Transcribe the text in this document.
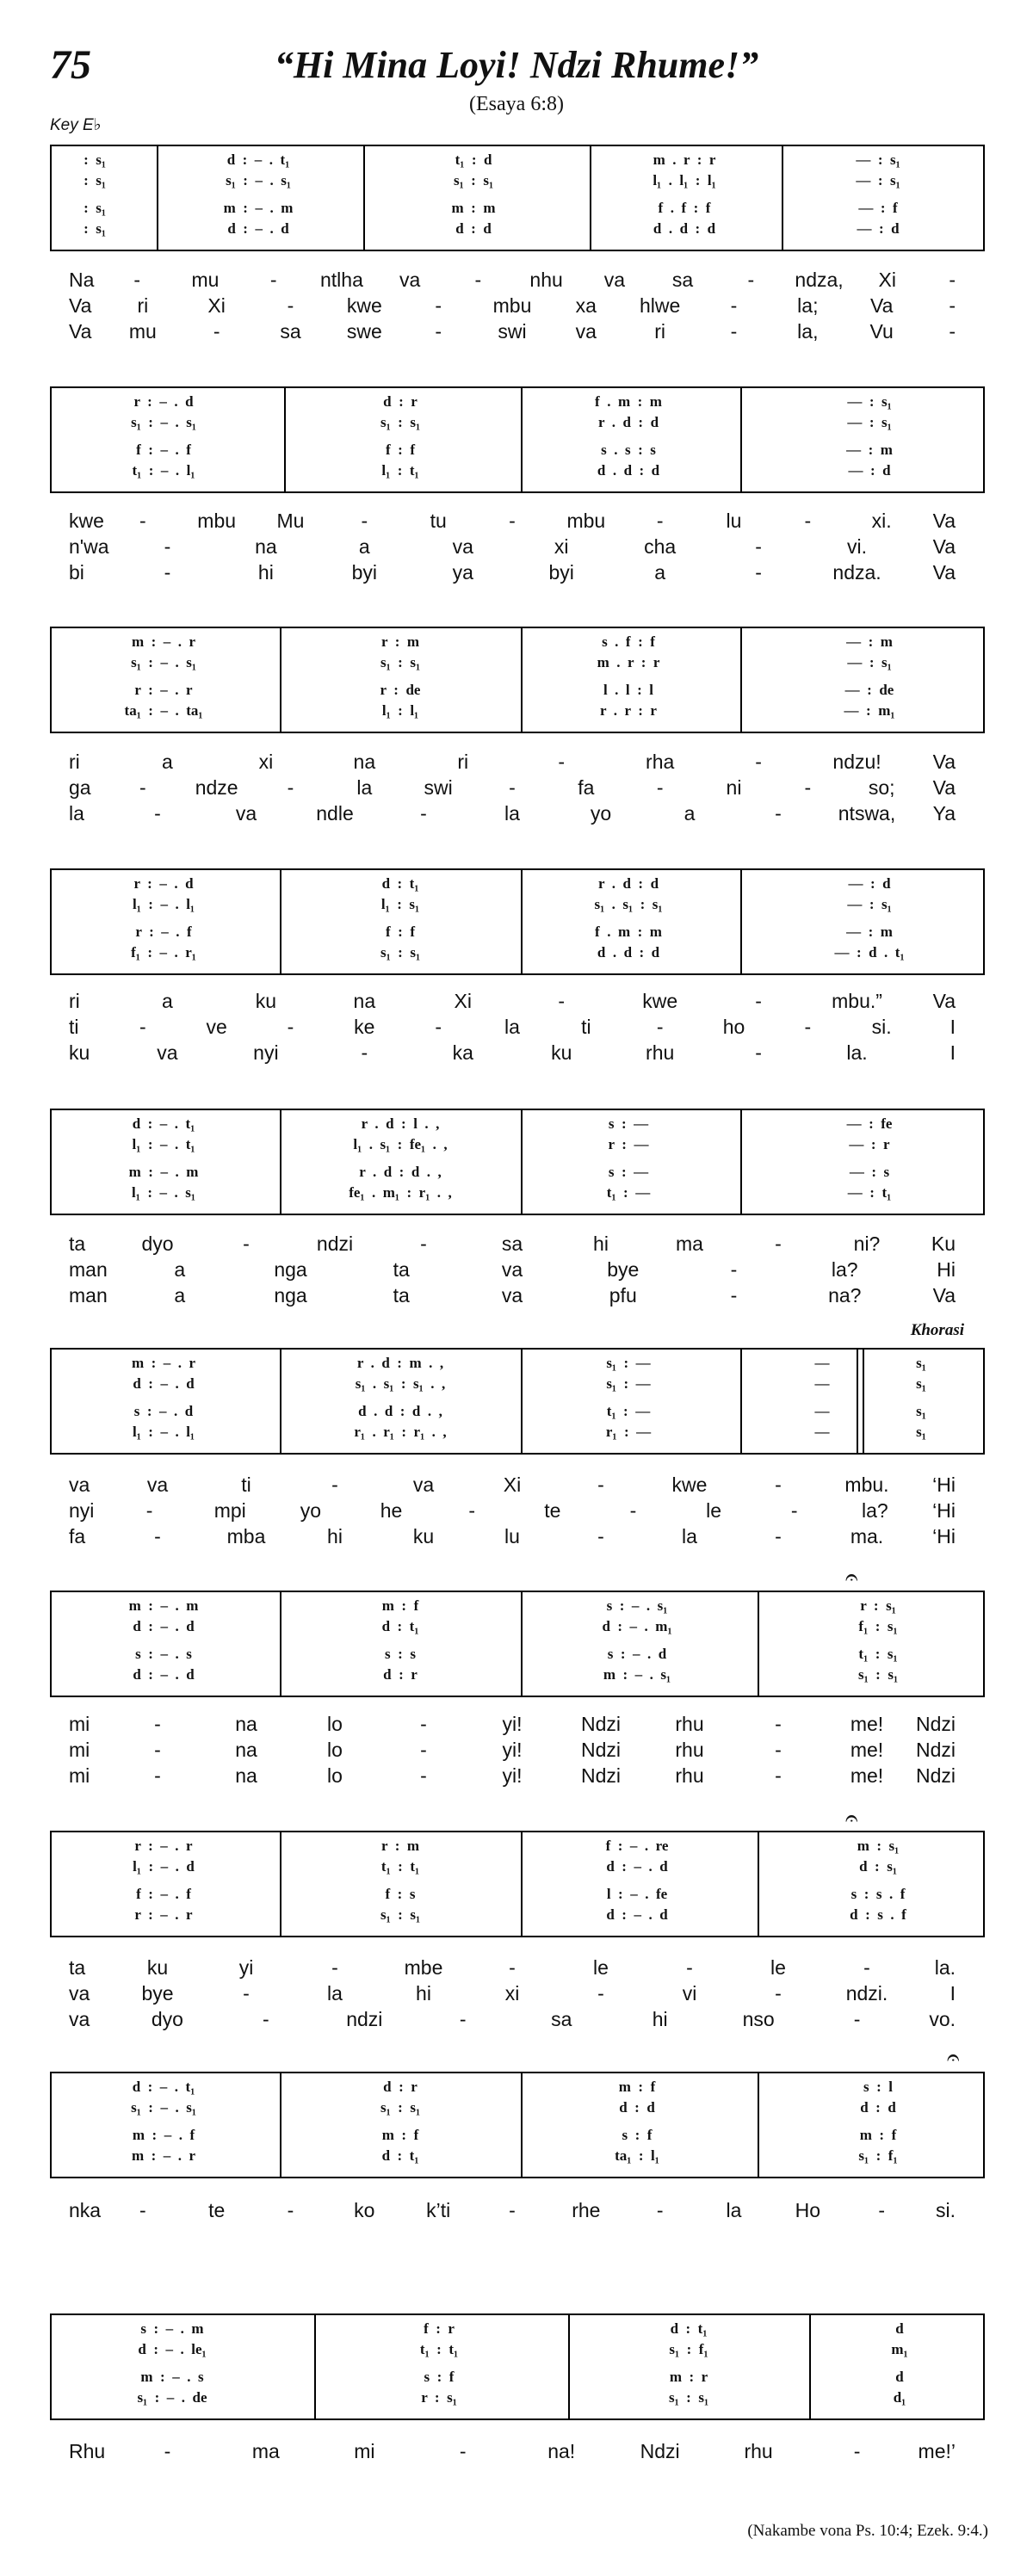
75	“Hi Mina Loyi! Ndzi Rhume!”
(Esaya 6:8)
Key E♭
:  s₁	d  :  –  .  t₁	t₁  :  d	m  .  r  :  r	—  :  s₁
:  s₁	s₁  :  –  .  s₁	s₁  :  s₁	l₁  .  l₁  :  l₁	—  :  s₁
:  s₁	m  :  –  .  m	m  :  m	f  .  f  :  f	—  :  f
:  s₁	d  :  –  .  d	d  :  d	d  .  d  :  d	—  :  d
r  :  –  .  d	d  :  r	f  .  m  :  m	—  :  s₁
s₁  :  –  .  s₁	s₁  :  s₁	r  .  d  :  d	—  :  s₁
f  :  –  .  f	f  :  f	s  .  s  :  s	—  :  m
t₁  :  –  .  l₁	l₁  :  t₁	d  .  d  :  d	—  :  d
m  :  –  .  r	r  :  m	s  .  f  :  f	—  :  m
s₁  :  –  .  s₁	s₁  :  s₁	m  .  r  :  r	—  :  s₁
r  :  –  .  r	r  :  de	l  .  l  :  l	—  :  de
ta₁  :  –  .  ta₁	l₁  :  l₁	r  .  r  :  r	—  :  m₁
r  :  –  .  d	d  :  t₁	r  .  d  :  d	—  :  d
l₁  :  –  .  l₁	l₁  :  s₁	s₁  .  s₁  :  s₁	—  :  s₁
r  :  –  .  f	f  :  f	f  .  m  :  m	—  :  m
f₁  :  –  .  r₁	s₁  :  s₁	d  .  d  :  d	—  :  d  .  t₁
d  :  –  .  t₁	r  .  d  :  l  .  ,	s  :  —	—  :  fe
l₁  :  –  .  t₁	l₁  .  s₁  :  fe₁  .  ,	r  :  —	—  :  r
m  :  –  .  m	r  .  d  :  d  .  ,	s  :  —	—  :  s
l₁  :  –  .  s₁	fe₁  .  m₁  :  r₁  .  ,	t₁  :  —	—  :  t₁
m  :  –  .  r	r  .  d  :  m  .  ,	s₁  :  —	—	s₁
d  :  –  .  d	s₁  .  s₁  :  s₁  .  ,	s₁  :  —	—	s₁
s  :  –  .  d	d  .  d  :  d  .  ,	t₁  :  —	—	s₁
l₁  :  –  .  l₁	r₁  .  r₁  :  r₁  .  ,	r₁  :  —	—	s₁
m  :  –  .  m	m  :  f	s  :  –  .  s₁	r  :  s₁
d  :  –  .  d	d  :  t₁	d  :  –  .  m₁	f₁  :  s₁
s  :  –  .  s	s  :  s	s  :  –  .  d	t₁  :  s₁
d  :  –  .  d	d  :  r	m  :  –  .  s₁	s₁  :  s₁
r  :  –  .  r	r  :  m	f  :  –  .  re	m  :  s₁
l₁  :  –  .  d	t₁  :  t₁	d  :  –  .  d	d  :  s₁
f  :  –  .  f	f  :  s	l  :  –  .  fe	s  :  s  .  f
r  :  –  .  r	s₁  :  s₁	d  :  –  .  d	d  :  s  .  f
d  :  –  .  t₁	d  :  r	m  :  f	s  :  l
s₁  :  –  .  s₁	s₁  :  s₁	d  :  d	d  :  d
m  :  –  .  f	m  :  f	s  :  f	m  :  f
m  :  –  .  r	d  :  t₁	ta₁  :  l₁	s₁  :  f₁
s  :  –  .  m	f  :  r	d  :  t₁	d
d  :  –  .  le₁	t₁  :  t₁	s₁  :  f₁	m₁
m  :  –  .  s	s  :  f	m  :  r	d
s₁  :  –  .  de	r  :  s₁	s₁  :  s₁	d₁
Khorasi
𝄐
𝄐
𝄐
(Nakambe vona Ps. 10:4; Ezek. 9:4.)
Na -	mu	- ntlha va	- nhu va sa	- ndza, Xi	-
Va ri	Xi	-	kwe	-	mbu xa hlwe	-	la;	Va	-
Va mu	-	sa swe	-	swi va	ri	-	la,	Vu	-
kwe -	mbu Mu	-	tu	-	mbu	-	lu	-	xi. Va
n'wa	-	na	a	va	xi	cha	-	vi.	Va
bi	-	hi	byi	ya	byi	a	-	ndza.	Va
ri	a	xi	na	ri	-	rha	-	ndzu!	Va
ga - ndze -	la	swi	-	fa	-	ni	-	so; Va
la	-	va	ndle	-	la	yo	a	-	ntswa, Ya
ri	a	ku	na	Xi	-	kwe	-	mbu.”	Va
ti	-	ve	-	ke	-	la	ti	-	ho	-	si.	I
ku	va	nyi	-	ka	ku	rhu	-	la.	I
ta	dyo	-	ndzi	-	sa	hi	ma	-	ni?	Ku
man	a	nga	ta	va	bye	-	la?	Hi
man	a	nga	ta	va	pfu	-	na?	Va
va	va	ti	-	va	Xi	-	kwe	-	mbu. ‘Hi
nyi	-	mpi	yo	he	-	te	-	le	-	la? ‘Hi
fa	-	mba	hi	ku	lu	-	la	-	ma. ‘Hi
mi	-	na	lo	-	yi!	Ndzi	rhu	-	me! Ndzi
mi	-	na	lo	-	yi!	Ndzi	rhu	-	me! Ndzi
mi	-	na	lo	-	yi!	Ndzi	rhu	-	me! Ndzi
ta	ku	yi	-	mbe	-	le	-	le	-	la.
va	bye	-	la	hi	xi	-	vi	-	ndzi.	I
va	dyo	-	ndzi	-	sa	hi	nso	-	vo.
nka -	te	-	ko	k’ti	-	rhe	-	la	Ho	-	si.
Rhu	-	ma	mi	-	na!	Ndzi	rhu	-	me!’
